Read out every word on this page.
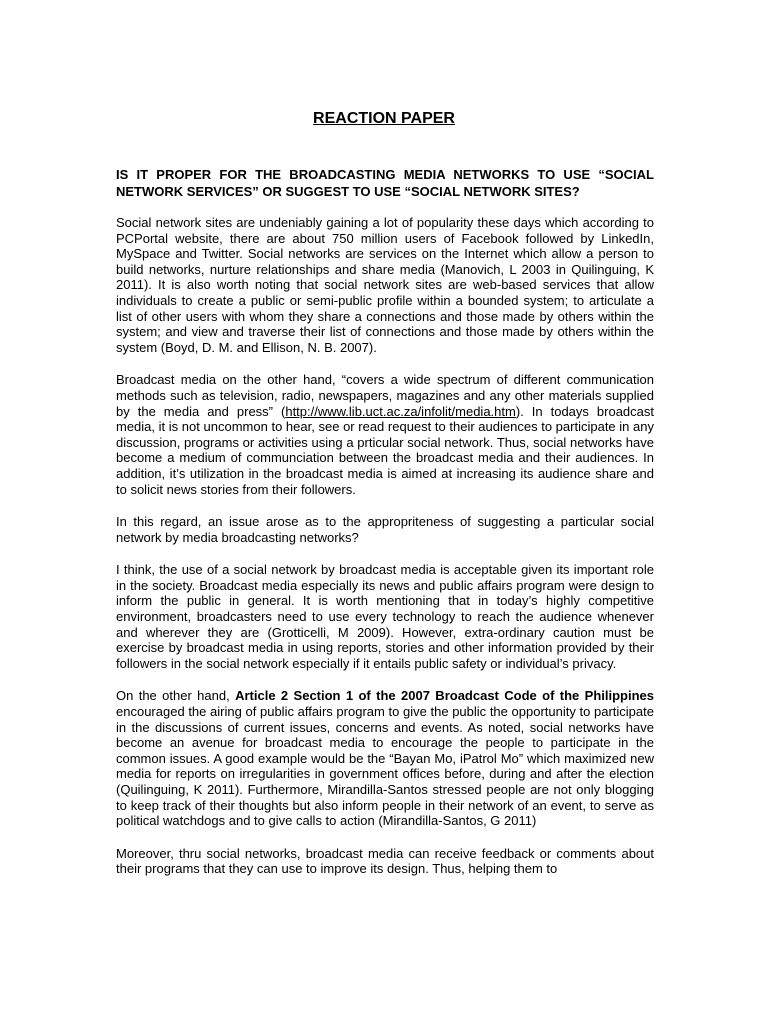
REACTION PAPER

IS IT PROPER FOR THE BROADCASTING MEDIA NETWORKS TO USE “SOCIAL NETWORK SERVICES” OR SUGGEST TO USE “SOCIAL NETWORK SITES?

Social network sites are undeniably gaining a lot of popularity these days which according to PCPortal website, there are about 750 million users of Facebook followed by LinkedIn, MySpace and Twitter. Social networks are services on the Internet which allow a person to build networks, nurture relationships and share media (Manovich, L 2003 in Quilinguing, K 2011). It is also worth noting that social network sites are web-based services that allow individuals to create a public or semi-public profile within a bounded system; to articulate a list of other users with whom they share a connections and those made by others within the system; and view and traverse their list of connections and those made by others within the system (Boyd, D. M. and Ellison, N. B. 2007).

Broadcast media on the other hand, “covers a wide spectrum of different communication methods such as television, radio, newspapers, magazines and any other materials supplied by the media and press” (http://www.lib.uct.ac.za/infolit/media.htm). In todays broadcast media, it is not uncommon to hear, see or read request to their audiences to participate in any discussion, programs or activities using a prticular social network. Thus, social networks have become a medium of communciation between the broadcast media and their audiences. In addition, it’s utilization in the broadcast media is aimed at increasing its audience share and to solicit news stories from their followers.

In this regard, an issue arose as to the appropriteness of suggesting a particular social network by media broadcasting networks?

I think, the use of a social network by broadcast media is acceptable given its important role in the society. Broadcast media especially its news and public affairs program were design to inform the public in general. It is worth mentioning that in today’s highly competitive environment, broadcasters need to use every technology to reach the audience whenever and wherever they are (Grotticelli, M 2009). However, extra-ordinary caution must be exercise by broadcast media in using reports, stories and other information provided by their followers in the social network especially if it entails public safety or individual’s privacy.

On the other hand, Article 2 Section 1 of the 2007 Broadcast Code of the Philippines encouraged the airing of public affairs program to give the public the opportunity to participate in the discussions of current issues, concerns and events. As noted, social networks have become an avenue for broadcast media to encourage the people to participate in the common issues. A good example would be the “Bayan Mo, iPatrol Mo” which maximized new media for reports on irregularities in government offices before, during and after the election (Quilinguing, K 2011). Furthermore, Mirandilla-Santos stressed people are not only blogging to keep track of their thoughts but also inform people in their network of an event, to serve as political watchdogs and to give calls to action (Mirandilla-Santos, G 2011)

Moreover, thru social networks, broadcast media can receive feedback or comments about their programs that they can use to improve its design. Thus, helping them to
